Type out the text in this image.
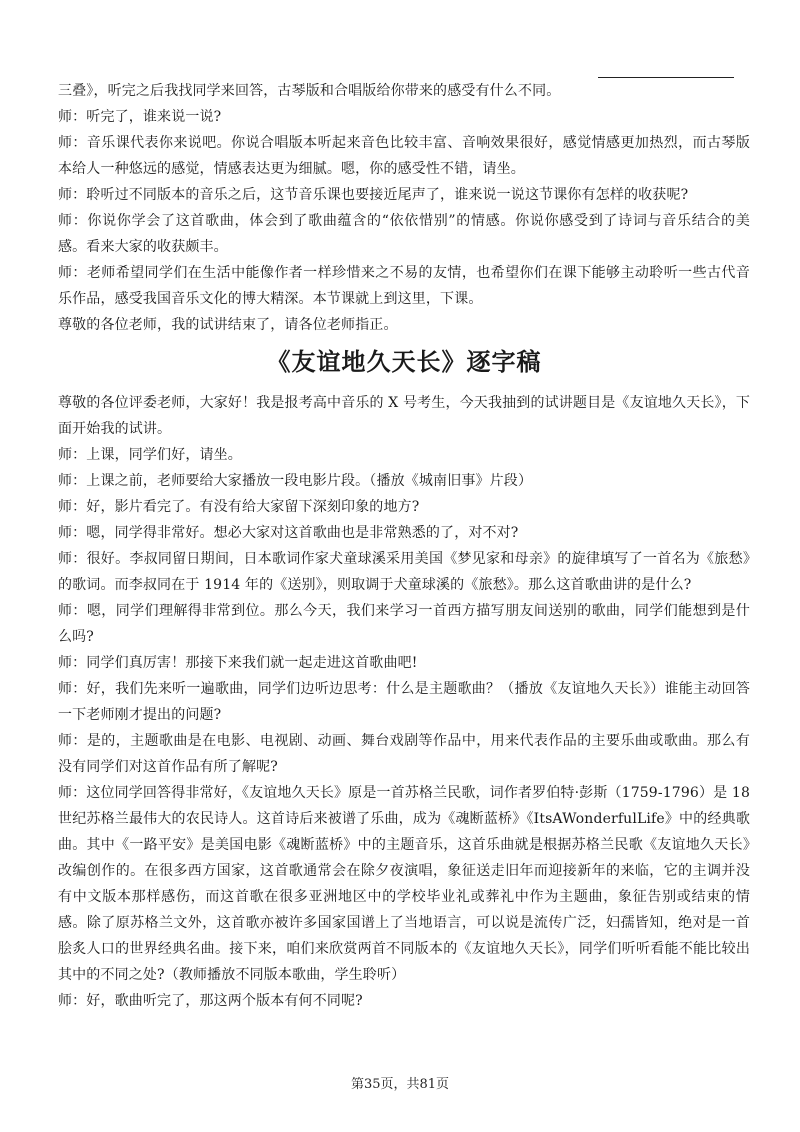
三叠》，听完之后我找同学来回答，古琴版和合唱版给你带来的感受有什么不同。

师：听完了，谁来说一说?

师：音乐课代表你来说吧。你说合唱版本听起来音色比较丰富、音响效果很好，感觉情感更加热烈，而古琴版本给人一种悠远的感觉，情感表达更为细腻。嗯，你的感受性不错，请坐。

师：聆听过不同版本的音乐之后，这节音乐课也要接近尾声了，谁来说一说这节课你有怎样的收获呢?

师：你说你学会了这首歌曲，体会到了歌曲蕴含的“依依惜别”的情感。你说你感受到了诗词与音乐结合的美感。看来大家的收获颇丰。

师：老师希望同学们在生活中能像作者一样珍惜来之不易的友情，也希望你们在课下能够主动聆听一些古代音乐作品，感受我国音乐文化的博大精深。本节课就上到这里，下课。

尊敬的各位老师，我的试讲结束了，请各位老师指正。

《友谊地久天长》逐字稿

尊敬的各位评委老师，大家好！我是报考高中音乐的 X 号考生，今天我抽到的试讲题目是《友谊地久天长》，下面开始我的试讲。

师：上课，同学们好，请坐。

师：上课之前，老师要给大家播放一段电影片段。（播放《城南旧事》片段）

师：好，影片看完了。有没有给大家留下深刻印象的地方?

师：嗯，同学得非常好。想必大家对这首歌曲也是非常熟悉的了，对不对?

师：很好。李叔同留日期间，日本歌词作家犬童球溪采用美国《梦见家和母亲》的旋律填写了一首名为《旅愁》的歌词。而李叔同在于 1914 年的《送别》，则取调于犬童球溪的《旅愁》。那么这首歌曲讲的是什么?

师：嗯，同学们理解得非常到位。那么今天，我们来学习一首西方描写朋友间送别的歌曲，同学们能想到是什么吗?

师：同学们真厉害！那接下来我们就一起走进这首歌曲吧!

师：好，我们先来听一遍歌曲，同学们边听边思考：什么是主题歌曲？（播放《友谊地久天长》）谁能主动回答一下老师刚才提出的问题?

师：是的，主题歌曲是在电影、电视剧、动画、舞台戏剧等作品中，用来代表作品的主要乐曲或歌曲。那么有没有同学们对这首作品有所了解呢?

师：这位同学回答得非常好，《友谊地久天长》原是一首苏格兰民歌，词作者罗伯特·彭斯（1759-1796）是 18 世纪苏格兰最伟大的农民诗人。这首诗后来被谱了乐曲，成为《魂断蓝桥》《ItsAWonderfulLife》中的经典歌曲。其中《一路平安》是美国电影《魂断蓝桥》中的主题音乐，这首乐曲就是根据苏格兰民歌《友谊地久天长》改编创作的。在很多西方国家，这首歌通常会在除夕夜演唱，象征送走旧年而迎接新年的来临，它的主调并没有中文版本那样感伤，而这首歌在很多亚洲地区中的学校毕业礼或葬礼中作为主题曲，象征告别或结束的情感。除了原苏格兰文外，这首歌亦被许多国家国谱上了当地语言，可以说是流传广泛，妇孺皆知，绝对是一首脍炙人口的世界经典名曲。接下来，咱们来欣赏两首不同版本的《友谊地久天长》，同学们听听看能不能比较出其中的不同之处?（教师播放不同版本歌曲，学生聆听）

师：好，歌曲听完了，那这两个版本有何不同呢?

第35页，共81页
